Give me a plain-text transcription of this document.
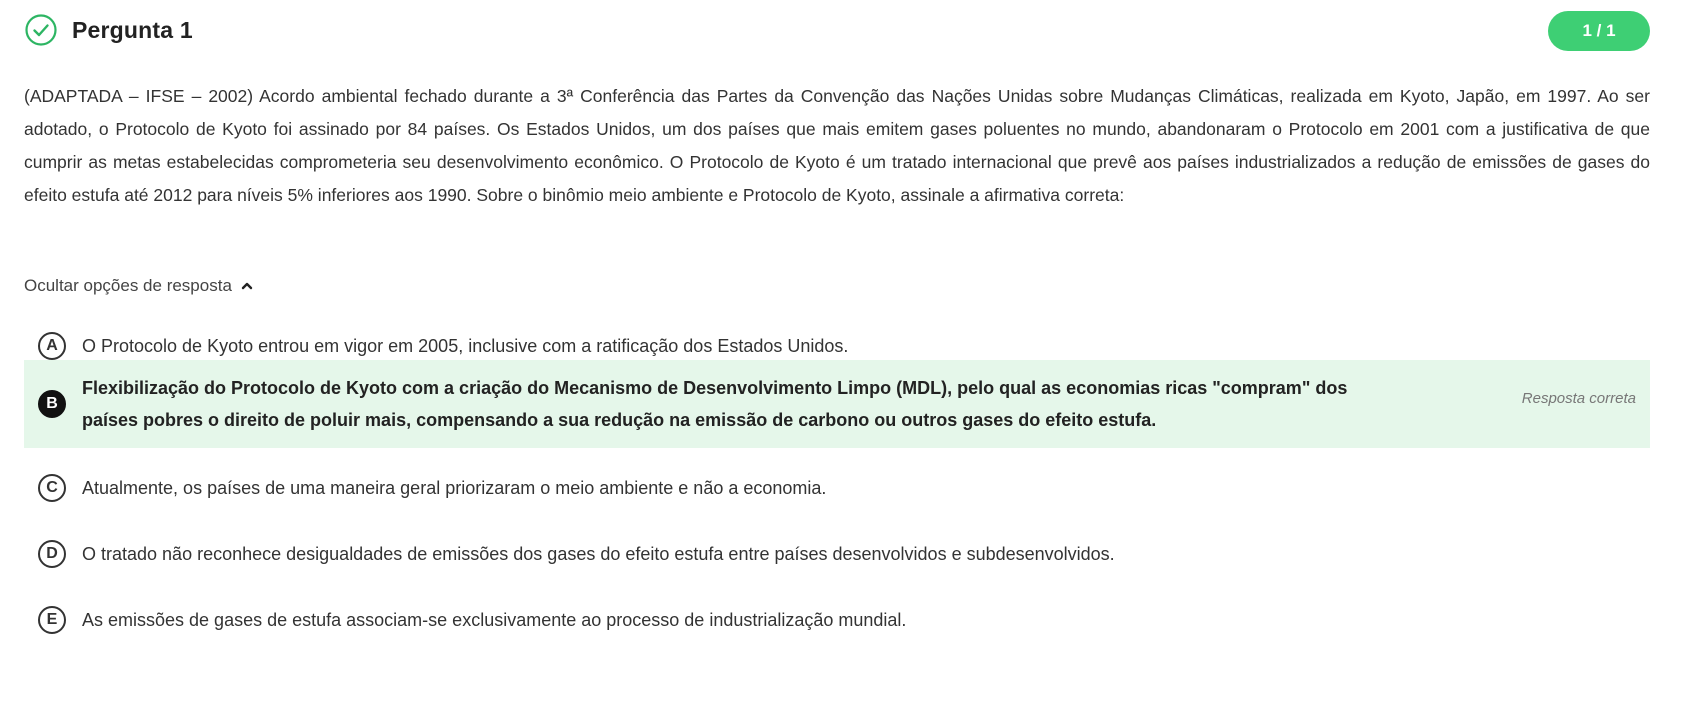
Pergunta 1	1 / 1
(ADAPTADA – IFSE – 2002) Acordo ambiental fechado durante a 3ª Conferência das Partes da Convenção das Nações Unidas sobre Mudanças Climáticas, realizada em Kyoto, Japão, em 1997. Ao ser adotado, o Protocolo de Kyoto foi assinado por 84 países. Os Estados Unidos, um dos países que mais emitem gases poluentes no mundo, abandonaram o Protocolo em 2001 com a justificativa de que cumprir as metas estabelecidas comprometeria seu desenvolvimento econômico. O Protocolo de Kyoto é um tratado internacional que prevê aos países industrializados a redução de emissões de gases do efeito estufa até 2012 para níveis 5% inferiores aos 1990. Sobre o binômio meio ambiente e Protocolo de Kyoto, assinale a afirmativa correta:
Ocultar opções de resposta
A	O Protocolo de Kyoto entrou em vigor em 2005, inclusive com a ratificação dos Estados Unidos.
B
Flexibilização do Protocolo de Kyoto com a criação do Mecanismo de Desenvolvimento Limpo (MDL), pelo qual as economias ricas "compram" dos países pobres o direito de poluir mais, compensando a sua redução na emissão de carbono ou outros gases do efeito estufa.
Resposta correta
C	Atualmente, os países de uma maneira geral priorizaram o meio ambiente e não a economia.
D	O tratado não reconhece desigualdades de emissões dos gases do efeito estufa entre países desenvolvidos e subdesenvolvidos.
E	As emissões de gases de estufa associam-se exclusivamente ao processo de industrialização mundial.
